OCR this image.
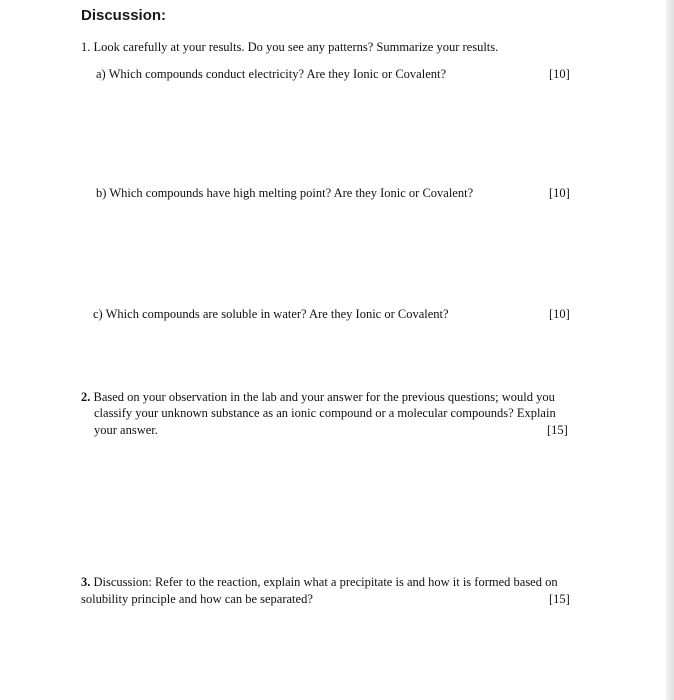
Discussion:
1. Look carefully at your results. Do you see any patterns? Summarize your results.
a) Which compounds conduct electricity? Are they Ionic or Covalent?	[10]
b) Which compounds have high melting point? Are they Ionic or Covalent?	[10]
c) Which compounds are soluble in water? Are they Ionic or Covalent?	[10]
2. Based on your observation in the lab and your answer for the previous questions; would you
classify your unknown substance as an ionic compound or a molecular compounds? Explain
your answer.	[15]
3. Discussion: Refer to the reaction, explain what a precipitate is and how it is formed based on
solubility principle and how can be separated?	[15]
